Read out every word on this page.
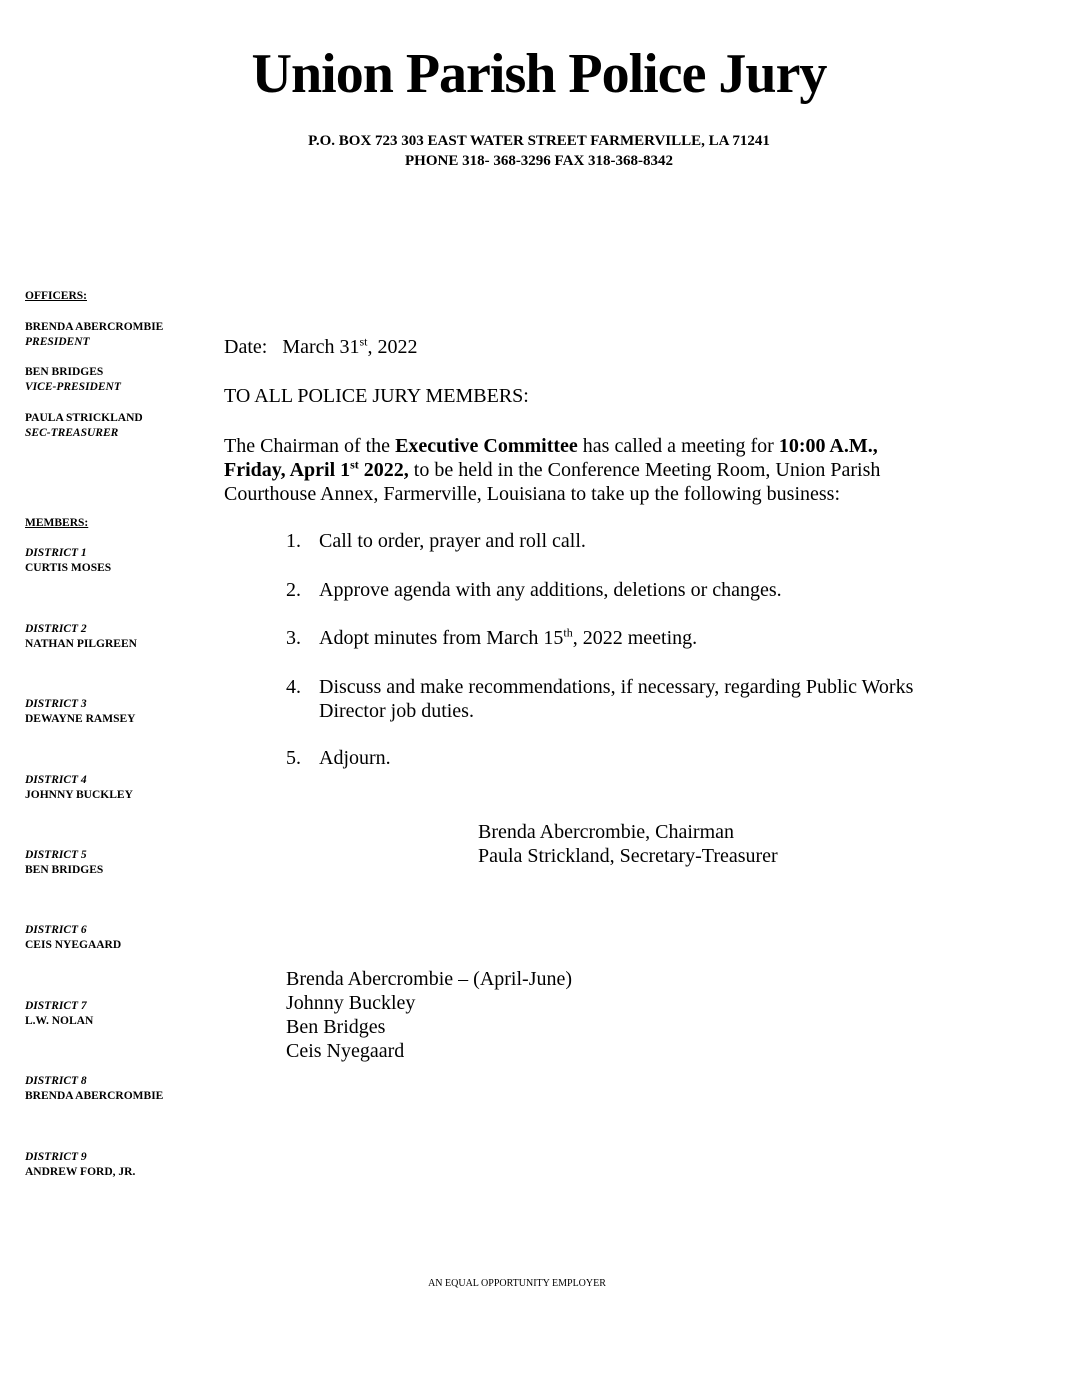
Union Parish Police Jury
P.O. BOX 723 303 EAST WATER STREET FARMERVILLE, LA 71241
PHONE 318- 368-3296 FAX 318-368-8342
OFFICERS:
BRENDA ABERCROMBIE
PRESIDENT
BEN BRIDGES
VICE-PRESIDENT
PAULA STRICKLAND
SEC-TREASURER
MEMBERS:
DISTRICT 1
CURTIS MOSES
DISTRICT 2
NATHAN PILGREEN
DISTRICT 3
DEWAYNE RAMSEY
DISTRICT 4
JOHNNY BUCKLEY
DISTRICT 5
BEN BRIDGES
DISTRICT 6
CEIS NYEGAARD
DISTRICT 7
L.W. NOLAN
DISTRICT 8
BRENDA ABERCROMBIE
DISTRICT 9
ANDREW FORD, JR.
Date: March 31st, 2022
TO ALL POLICE JURY MEMBERS:
The Chairman of the Executive Committee has called a meeting for 10:00 A.M.,
Friday, April 1st 2022, to be held in the Conference Meeting Room, Union Parish
Courthouse Annex, Farmerville, Louisiana to take up the following business:
1. Call to order, prayer and roll call.
2. Approve agenda with any additions, deletions or changes.
3. Adopt minutes from March 15th, 2022 meeting.
4. Discuss and make recommendations, if necessary, regarding Public Works
Director job duties.
5. Adjourn.
Brenda Abercrombie, Chairman
Paula Strickland, Secretary-Treasurer
Brenda Abercrombie – (April-June)
Johnny Buckley
Ben Bridges
Ceis Nyegaard
AN EQUAL OPPORTUNITY EMPLOYER
